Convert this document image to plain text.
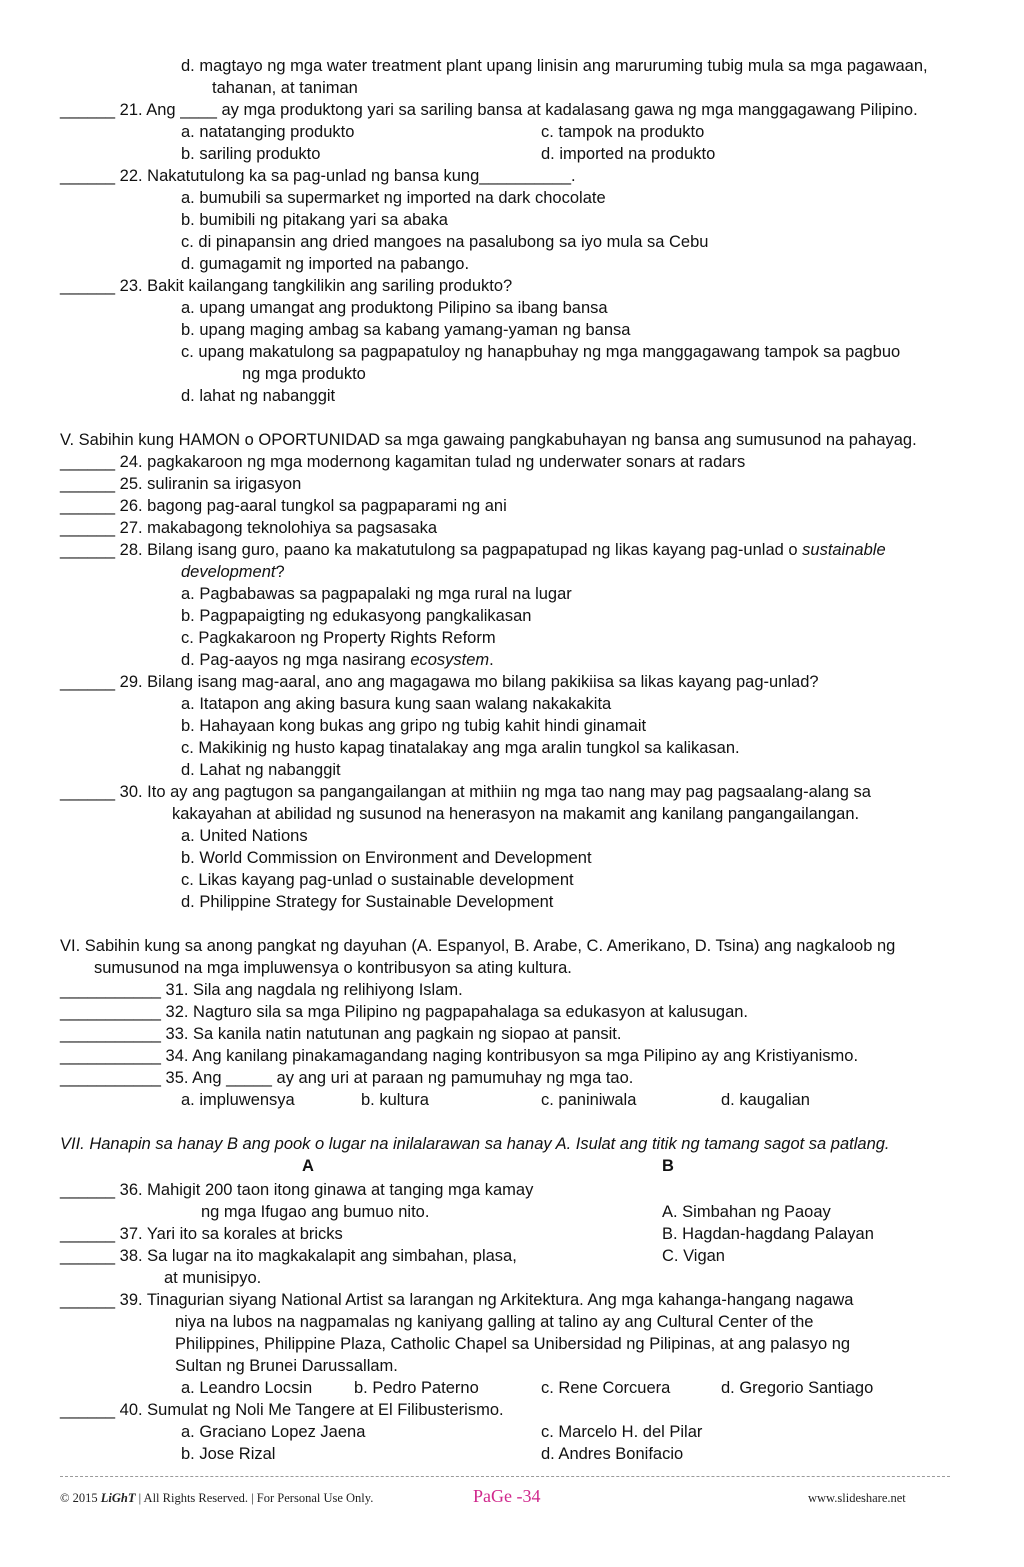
d. magtayo ng mga water treatment plant upang linisin ang maruruming tubig mula sa mga pagawaan,
tahanan, at taniman
______ 21. Ang ____ ay mga produktong yari sa sariling bansa at kadalasang gawa ng mga manggagawang Pilipino.
a. natatanging produkto	c. tampok na produkto
b. sariling produkto	d. imported na produkto
______ 22. Nakatutulong ka sa pag-unlad ng bansa kung__________.
a. bumubili sa supermarket ng imported na dark chocolate
b. bumibili ng pitakang yari sa abaka
c. di pinapansin ang dried mangoes na pasalubong sa iyo mula sa Cebu
d. gumagamit ng imported na pabango.
______ 23. Bakit kailangang tangkilikin ang sariling produkto?
a. upang umangat ang produktong Pilipino sa ibang bansa
b. upang maging ambag sa kabang yamang-yaman ng bansa
c. upang makatulong sa pagpapatuloy ng hanapbuhay ng mga manggagawang tampok sa pagbuo
ng mga produkto
d. lahat ng nabanggit
V. Sabihin kung HAMON o OPORTUNIDAD sa mga gawaing pangkabuhayan ng bansa ang sumusunod na pahayag.
______ 24. pagkakaroon ng mga modernong kagamitan tulad ng underwater sonars at radars
______ 25. suliranin sa irigasyon
______ 26. bagong pag-aaral tungkol sa pagpaparami ng ani
______ 27. makabagong teknolohiya sa pagsasaka
______ 28. Bilang isang guro, paano ka makatutulong sa pagpapatupad ng likas kayang pag-unlad o sustainable
development?
a. Pagbabawas sa pagpapalaki ng mga rural na lugar
b. Pagpapaigting ng edukasyong pangkalikasan
c. Pagkakaroon ng Property Rights Reform
d. Pag-aayos ng mga nasirang ecosystem.
______ 29. Bilang isang mag-aaral, ano ang magagawa mo bilang pakikiisa sa likas kayang pag-unlad?
a. Itatapon ang aking basura kung saan walang nakakakita
b. Hahayaan kong bukas ang gripo ng tubig kahit hindi ginamait
c. Makikinig ng husto kapag tinatalakay ang mga aralin tungkol sa kalikasan.
d. Lahat ng nabanggit
______ 30. Ito ay ang pagtugon sa pangangailangan at mithiin ng mga tao nang may pag pagsaalang-alang sa
kakayahan at abilidad ng susunod na henerasyon na makamit ang kanilang pangangailangan.
a. United Nations
b. World Commission on Environment and Development
c. Likas kayang pag-unlad o sustainable development
d. Philippine Strategy for Sustainable Development
VI. Sabihin kung sa anong pangkat ng dayuhan (A. Espanyol, B. Arabe, C. Amerikano, D. Tsina) ang nagkaloob ng
sumusunod na mga impluwensya o kontribusyon sa ating kultura.
___________ 31. Sila ang nagdala ng relihiyong Islam.
___________ 32. Nagturo sila sa mga Pilipino ng pagpapahalaga sa edukasyon at kalusugan.
___________ 33. Sa kanila natin natutunan ang pagkain ng siopao at pansit.
___________ 34. Ang kanilang pinakamagandang naging kontribusyon sa mga Pilipino ay ang Kristiyanismo.
___________ 35. Ang _____ ay ang uri at paraan ng pamumuhay ng mga tao.
a. impluwensya	b. kultura	c. paniniwala	d. kaugalian
VII. Hanapin sa hanay B ang pook o lugar na inilalarawan sa hanay A. Isulat ang titik ng tamang sagot sa patlang.
A	B
______ 36. Mahigit 200 taon itong ginawa at tanging mga kamay
ng mga Ifugao ang bumuo nito.	A. Simbahan ng Paoay
______ 37. Yari ito sa korales at bricks	B. Hagdan-hagdang Palayan
______ 38. Sa lugar na ito magkakalapit ang simbahan, plasa,	C. Vigan
at munisipyo.
______ 39. Tinagurian siyang National Artist sa larangan ng Arkitektura. Ang mga kahanga-hangang nagawa
niya na lubos na nagpamalas ng kaniyang galling at talino ay ang Cultural Center of the
Philippines, Philippine Plaza, Catholic Chapel sa Unibersidad ng Pilipinas, at ang palasyo ng
Sultan ng Brunei Darussallam.
a. Leandro Locsin	b. Pedro Paterno	c. Rene Corcuera	d. Gregorio Santiago
______ 40. Sumulat ng Noli Me Tangere at El Filibusterismo.
a. Graciano Lopez Jaena	c. Marcelo H. del Pilar
b. Jose Rizal	d. Andres Bonifacio
© 2015 LiGhT | All Rights Reserved. | For Personal Use Only.	PaGe -34	www.slideshare.net
